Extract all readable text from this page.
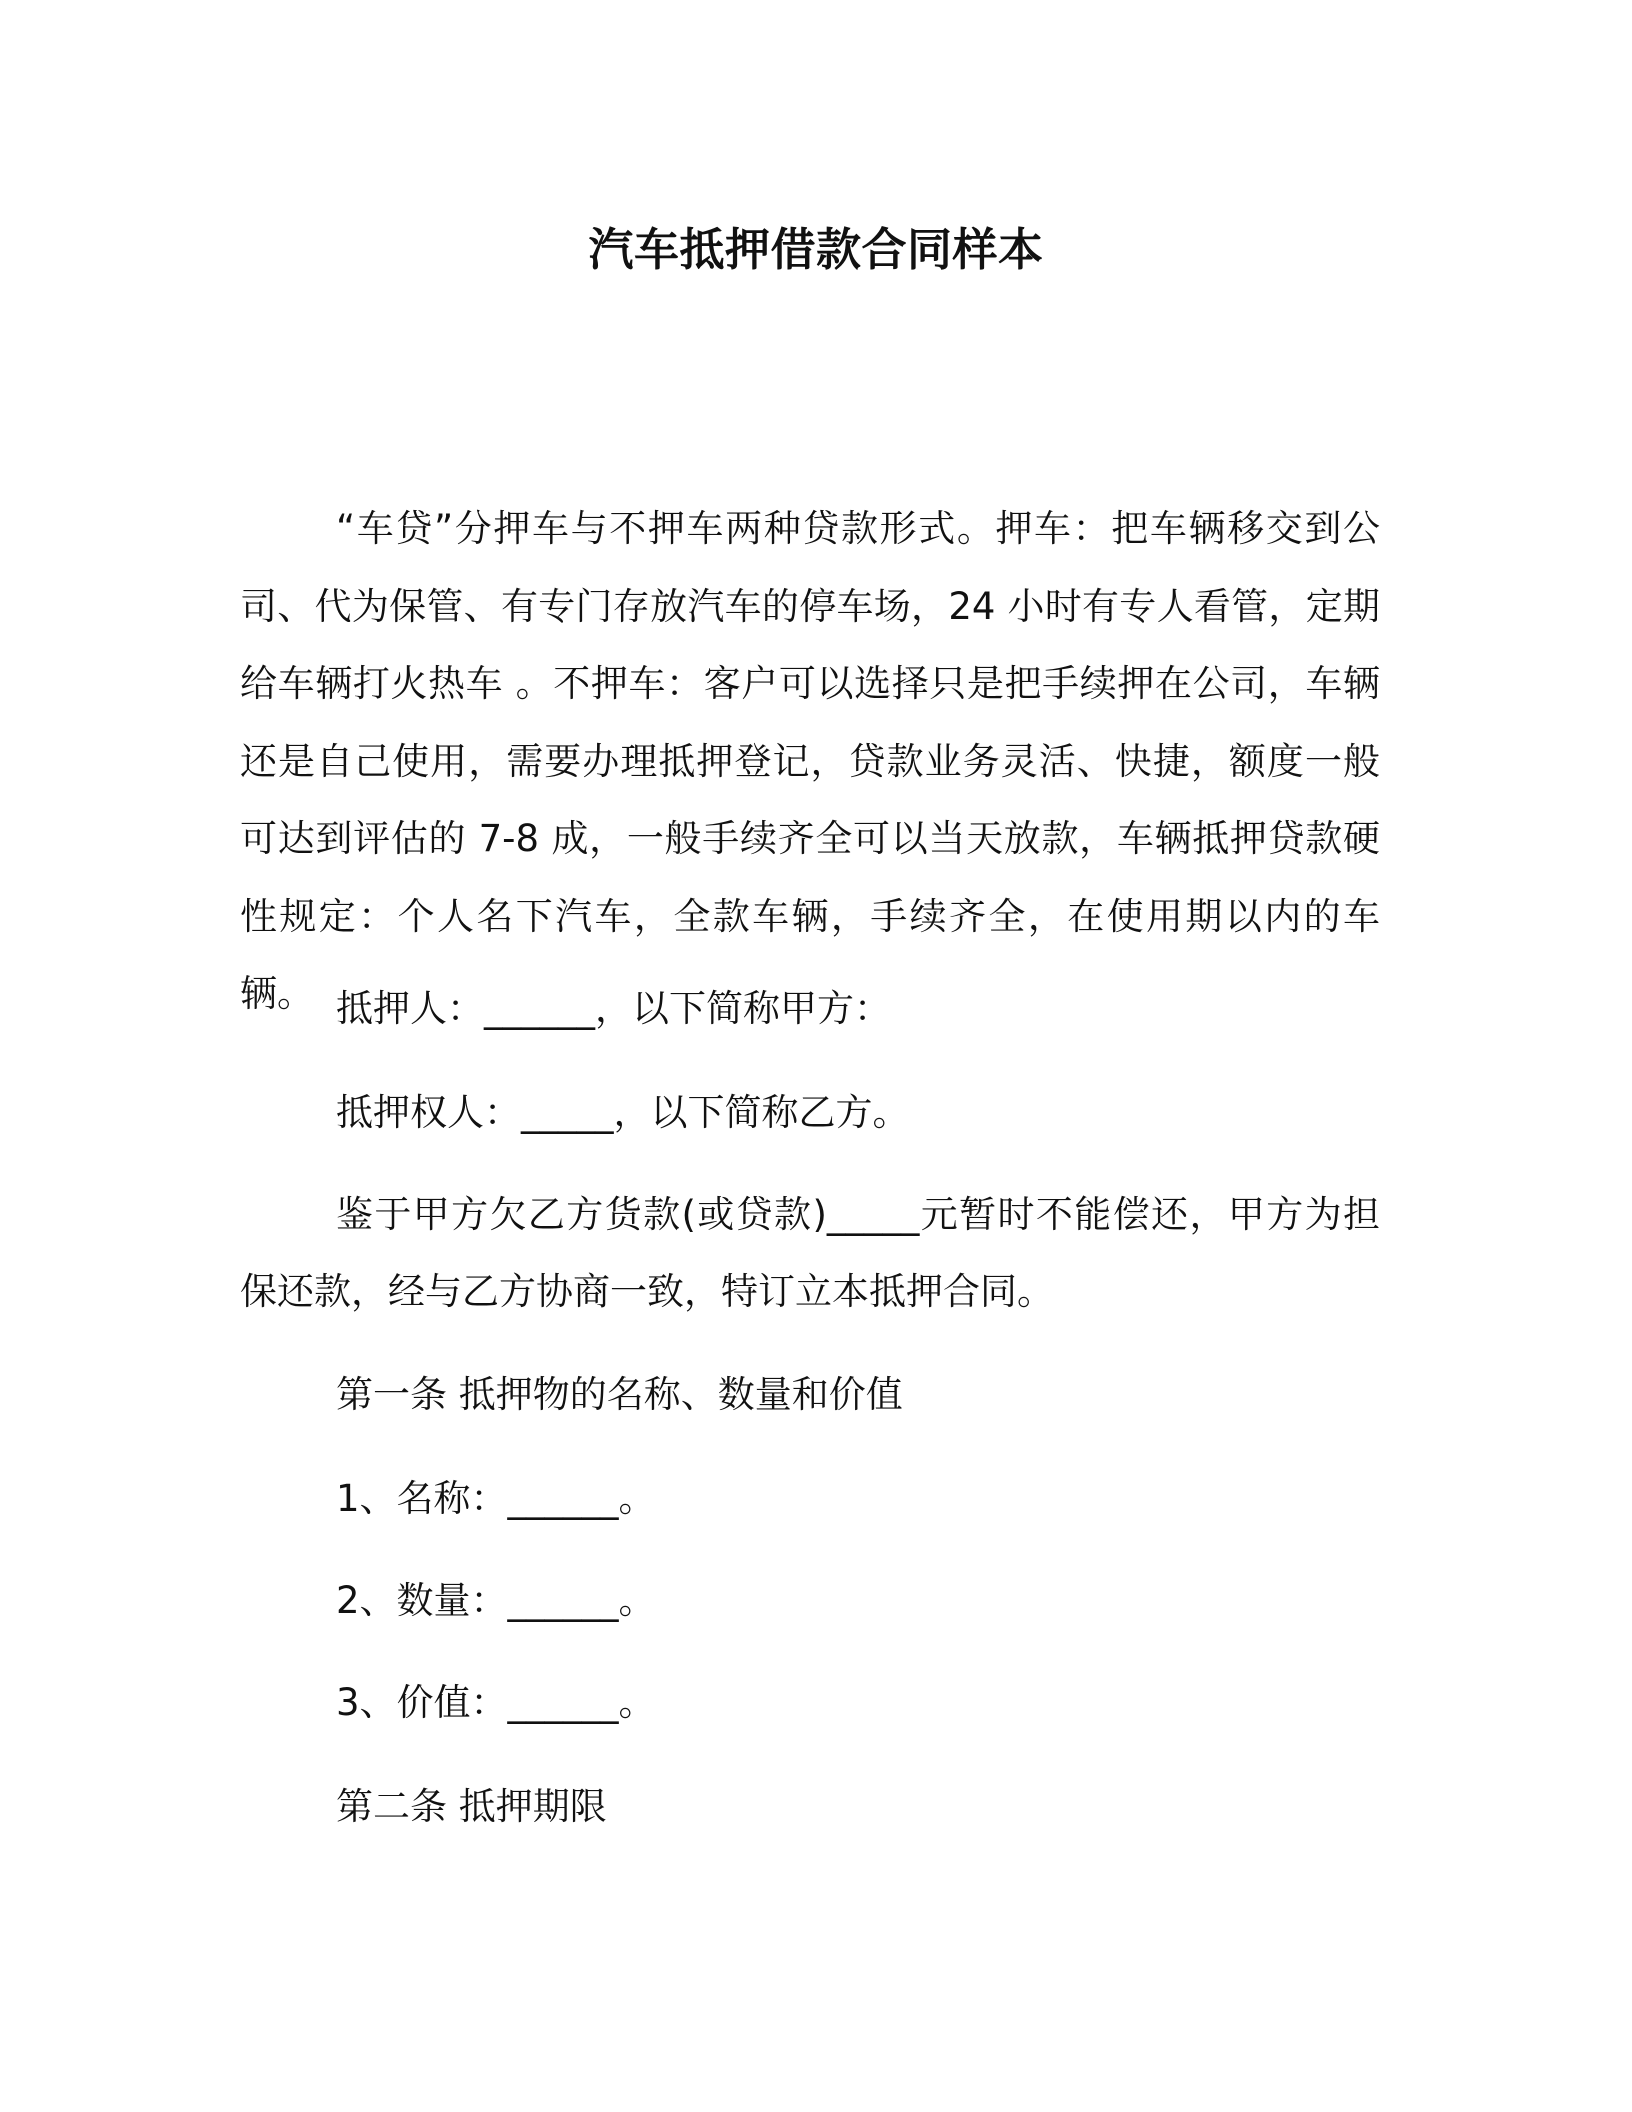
汽车抵押借款合同样本

“车贷”分押车与不押车两种贷款形式。押车：把车辆移交到公司、代为保管、有专门存放汽车的停车场，24 小时有专人看管，定期给车辆打火热车 。不押车：客户可以选择只是把手续押在公司，车辆还是自己使用，需要办理抵押登记，贷款业务灵活、快捷，额度一般可达到评估的 7-8 成，一般手续齐全可以当天放款，车辆抵押贷款硬性规定：个人名下汽车，全款车辆，手续齐全，在使用期以内的车辆。 抵押人：______，以下简称甲方：

抵押权人：_____，以下简称乙方。

鉴于甲方欠乙方货款(或贷款)_____元暂时不能偿还，甲方为担保还款，经与乙方协商一致，特订立本抵押合同。

第一条 抵押物的名称、数量和价值

1、名称：______。

2、数量：______。

3、价值：______。

第二条 抵押期限
